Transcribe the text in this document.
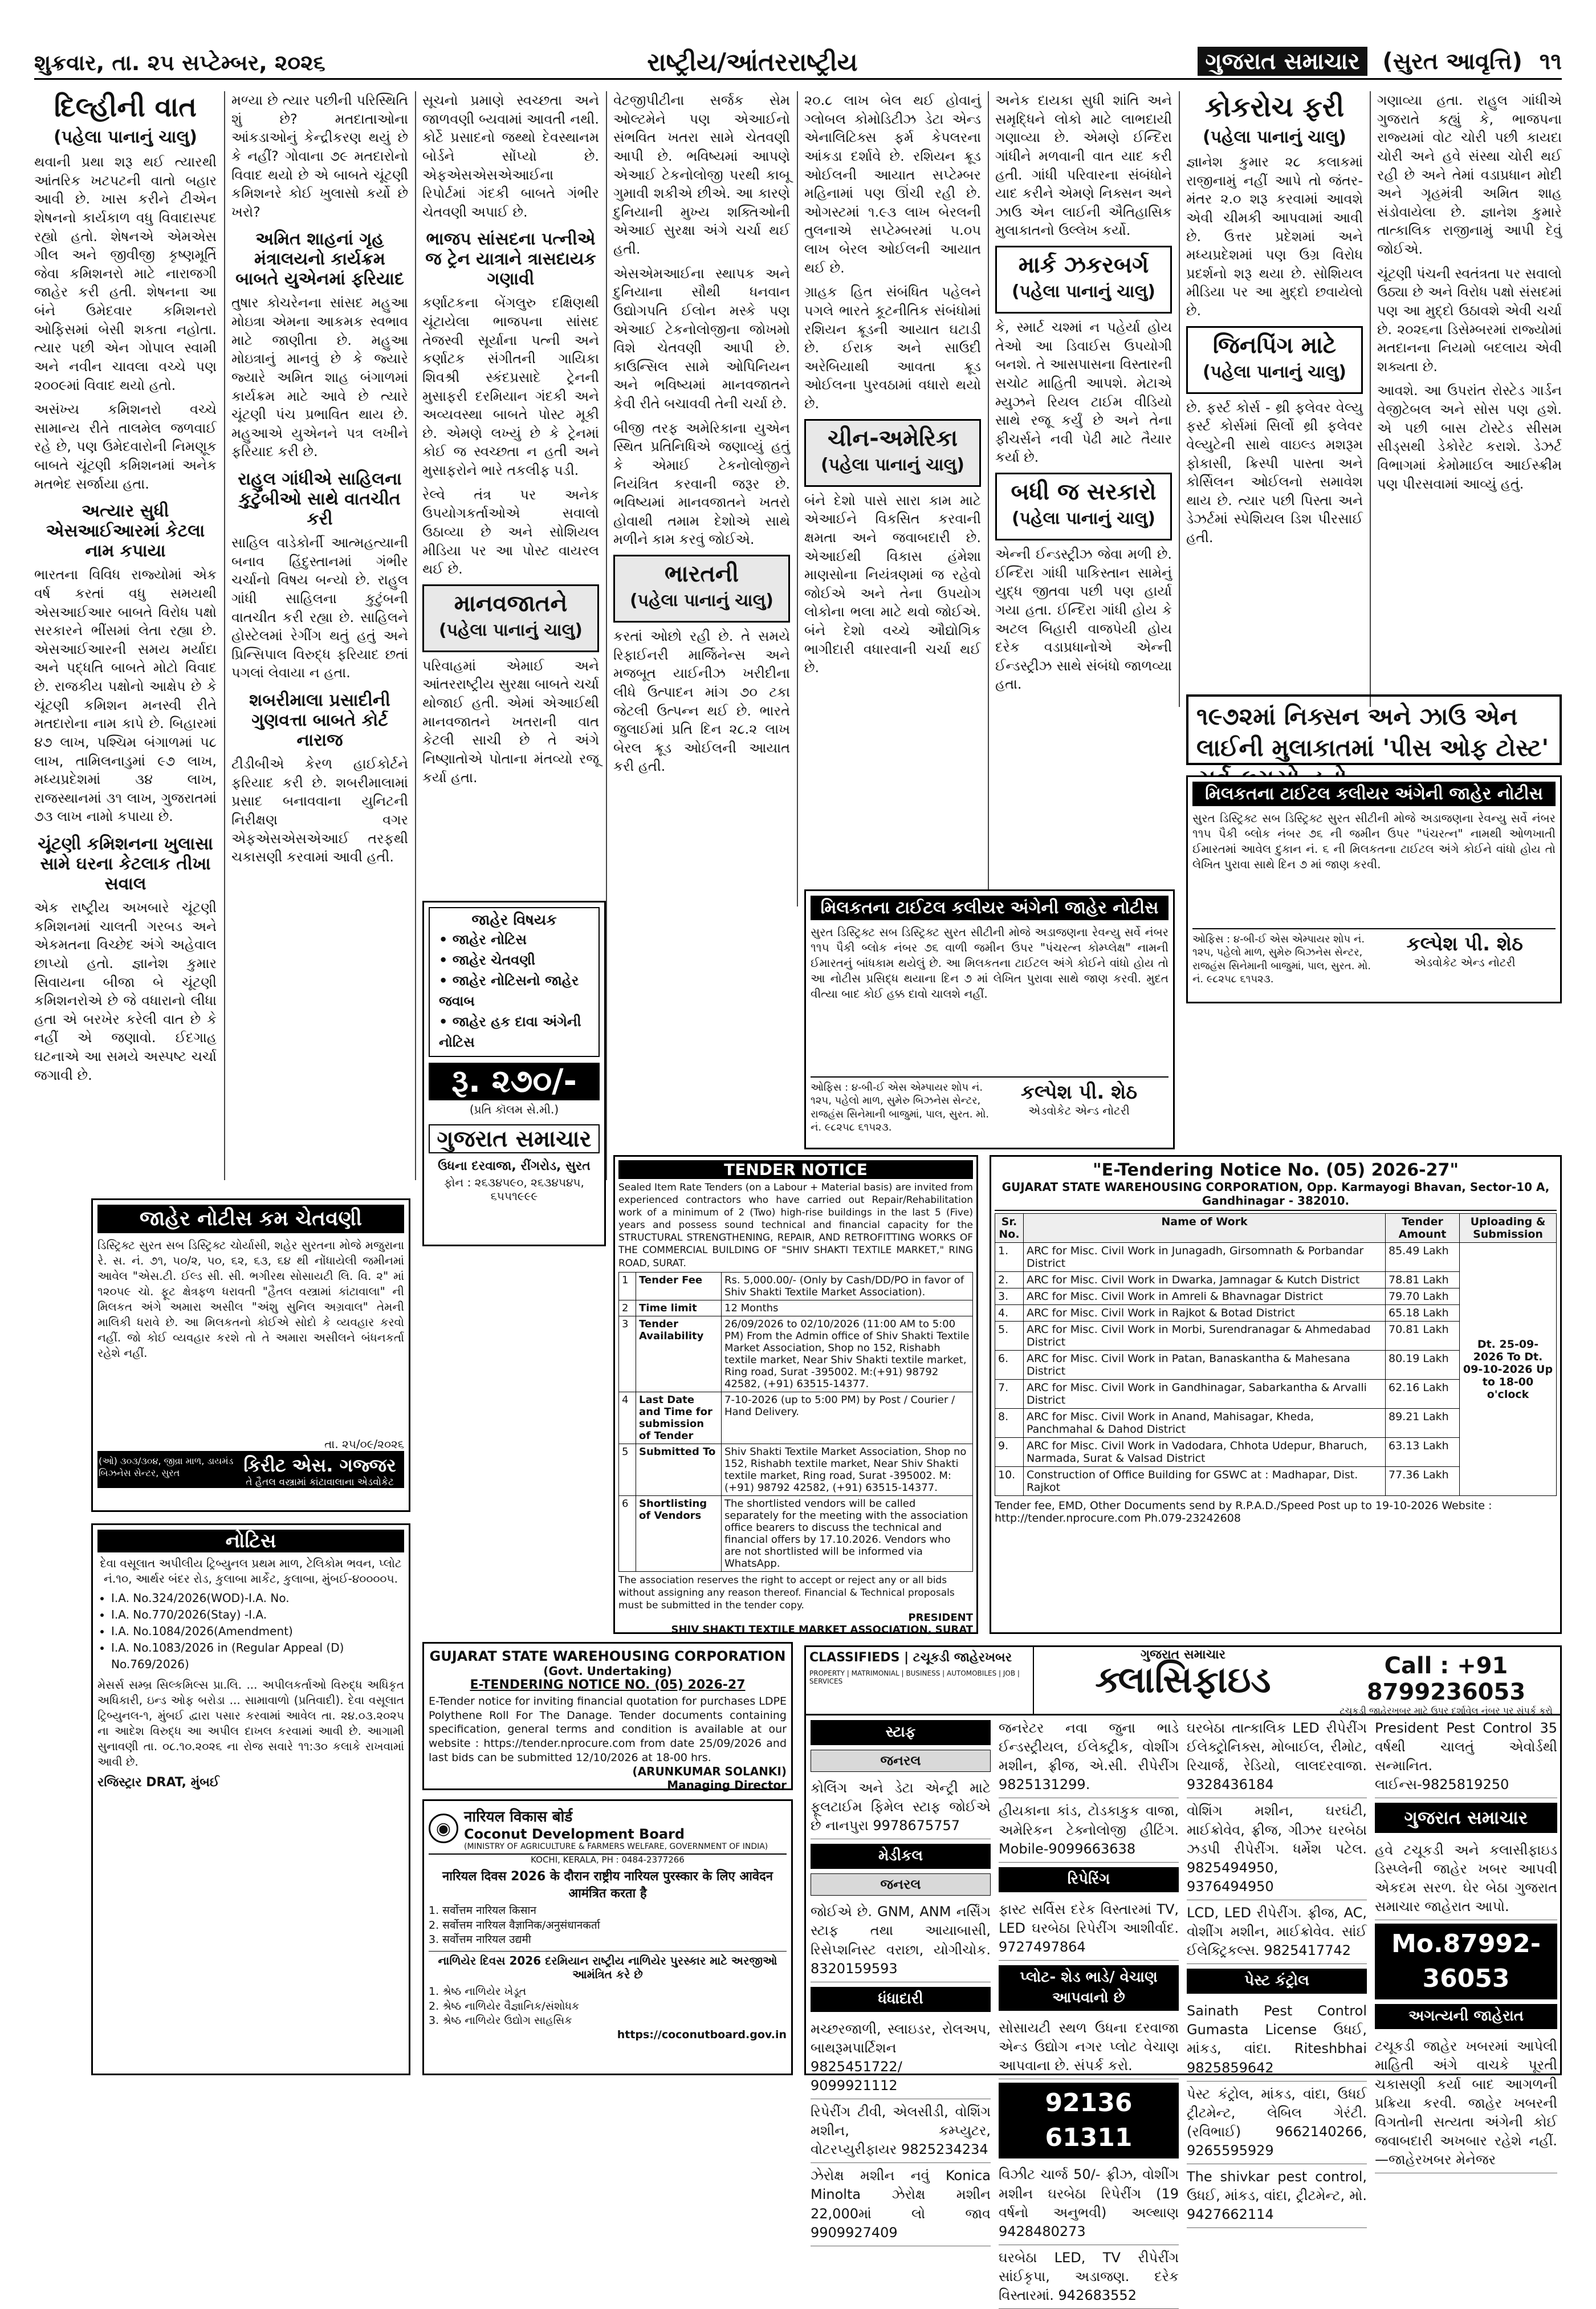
શુક્રવાર, તા. ૨૫ સપ્ટેમ્બર, ૨૦૨૬	રાષ્ટ્રીય/આંતરરાષ્ટ્રીય	ગુજરાત સમાચાર (સુરત આવૃત્તિ) ૧૧
દિલ્હીની વાત
(પહેલા પાનાનું ચાલુ)
થવાની પ્રથા શરૂ થઈ ત્યારથી આંતરિક ખટપટની વાતો બહાર આવી છે. ખાસ કરીને ટીએન શેષનનો કાર્યકાળ વધુ વિવાદાસ્પદ રહ્યો હતો. શેષનએ એમએસ ગીલ અને જીવીજી કૃષ્ણમૂર્તિ જેવા કમિશનરો માટે નારાજગી જાહેર કરી હતી. શેષનના આ બંને ઉમેદવાર કમિશનરો ઓફિસમાં બેસી શકતા નહોતા. ત્યાર પછી એન ગોપાલ સ્વામી અને નવીન ચાવલા વચ્ચે પણ ૨૦૦૯માં વિવાદ થયો હતો.
અસંખ્ય કમિશનરો વચ્ચે સામાન્ય રીતે તાલમેલ જળવાઈ રહે છે, પણ ઉમેદવારોની નિમણૂક બાબતે ચૂંટણી કમિશનમાં અનેક મતભેદ સર્જાયા હતા.
અત્યાર સુધી એસઆઈઆરમાં કેટલા નામ કપાયા
ભારતના વિવિધ રાજ્યોમાં એક વર્ષ કરતાં વધુ સમયથી એસઆઈઆર બાબતે વિરોધ પક્ષો સરકારને ભીંસમાં લેતા રહ્યા છે. એસઆઈઆરની સમય મર્યાદા અને પદ્ધતિ બાબતે મોટો વિવાદ છે. રાજકીય પક્ષોનો આક્ષેપ છે કે ચૂંટણી કમિશન મનસ્વી રીતે મતદારોના નામ કાપે છે. બિહારમાં ૪૭ લાખ, પશ્ચિમ બંગાળમાં ૫૮ લાખ, તામિલનાડુમાં ૯૭ લાખ, મધ્યપ્રદેશમાં ૩૪ લાખ, રાજસ્થાનમાં ૩૧ લાખ, ગુજરાતમાં ૭૩ લાખ નામો કપાયા છે.
ચૂંટણી કમિશનના ખુલાસા સામે ઘરના કેટલાક તીખા સવાલ
એક રાષ્ટ્રીય અખબારે ચૂંટણી કમિશનમાં ચાલતી ગરબડ અને એકમતના વિચ્છેદ અંગે અહેવાલ છાપ્યો હતો. જ્ઞાનેશ કુમાર સિવાયના બીજા બે ચૂંટણી કમિશનરોએ છે જે વધારાનો લીધા હતા એ બરખેર કરેલી વાત છે કે નહીં એ જણાવો. ઈદગાહ ઘટનાએ આ સમયે અસ્પષ્ટ ચર્ચા જગાવી છે.
મળ્યા છે ત્યાર પછીની પરિસ્થિતિ શું છે? મતદાતાઓના આંકડાઓનું કેન્દ્રીકરણ થયું છે કે નહીં? ગોવાના ૭૯ મતદારોનો વિવાદ થયો છે એ બાબતે ચૂંટણી કમિશનરે કોઈ ખુલાસો કર્યો છે ખરો?
અમિત શાહનાં ગૃહ મંત્રાલયનો કાર્યક્રમ બાબતે યુએનમાં ફરિયાદ
તુષાર કોચરેનના સાંસદ મહુઆ મોઇત્રા એમના આકમક સ્વભાવ માટે જાણીતા છે. મહુઆ મોઇત્રાનું માનવું છે કે જ્યારે જ્યારે અમિત શાહ બંગાળમાં કાર્યક્રમ માટે આવે છે ત્યારે ચૂંટણી પંચ પ્રભાવિત થાય છે. મહુઆએ યુએનને પત્ર લખીને ફરિયાદ કરી છે.
રાહુલ ગાંધીએ સાહિલના કુટુંબીઓ સાથે વાતચીત કરી
સાહિલ વાડેકોર્ની આત્મહત્યાની બનાવ હિંદુસ્તાનમાં ગંભીર ચર્ચાનો વિષય બન્યો છે. રાહુલ ગાંધી સાહિલના કુટુંબની વાતચીત કરી રહ્યા છે. સાહિલને હોસ્ટેલમાં રેગીંગ થતું હતું અને પ્રિન્સિપાલ વિરુદ્ધ ફરિયાદ છતાં પગલાં લેવાયા ન હતા.
શબરીમાલા પ્રસાદીની ગુણવત્તા બાબતે કોર્ટ નારાજ
ટીડીબીએ કેરળ હાઈકોર્ટને ફરિયાદ કરી છે. શબરીમાલામાં પ્રસાદ બનાવવાના યુનિટની નિરીક્ષણ વગર એફએસએસએઆઈ તરફથી ચકાસણી કરવામાં આવી હતી.
સૂચનો પ્રમાણે સ્વચ્છતા અને જાળવણી બ્યવામાં આવતી નથી. કોર્ટે પ્રસાદનો જથ્થો દેવસ્થાનમ બોર્ડને સોંપ્યો છે. એફએસએસએઆઈના રિપોર્ટમાં ગંદકી બાબતે ગંભીર ચેતવણી અપાઈ છે.
ભાજપ સાંસદના પત્નીએ જ ટ્રેન યાત્રાને ત્રાસદાયક ગણાવી
કર્ણાટકના બેંગલુરુ દક્ષિણથી ચૂંટાયેલા ભાજપના સાંસદ તેજસ્વી સૂર્યાના પત્ની અને કર્ણાટક સંગીતની ગાયિકા શિવશ્રી સ્કંદપ્રસાદે ટ્રેનની મુસાફરી દરમિયાન ગંદકી અને અવ્યવસ્થા બાબતે પોસ્ટ મૂકી છે. એમણે લખ્યું છે કે ટ્રેનમાં કોઈ જ સ્વચ્છતા ન હતી અને મુસાફરોને ભારે તકલીફ પડી.
રેલ્વે તંત્ર પર અનેક ઉપયોગકર્તાઓએ સવાલો ઉઠાવ્યા છે અને સોશિયલ મીડિયા પર આ પોસ્ટ વાયરલ થઈ છે.
માનવજાતને
(પહેલા પાનાનું ચાલુ)
પરિવાહમાં એમાઈ અને આંતરરાષ્ટ્રીય સુરક્ષા બાબતે ચર્ચા થોજાઈ હતી. એમાં એઆઈથી માનવજાતને ખતરાની વાત કેટલી સાચી છે તે અંગે નિષ્ણાતોએ પોતાના મંતવ્યો રજૂ કર્યા હતા.
વેટજીપીટીના સર્જક સેમ ઓલ્ટમેને પણ એઆઈનો સંભવિત ખતરા સામે ચેતવણી આપી છે. ભવિષ્યમાં આપણે એઆઈ ટેકનોલોજી પરથી કાબૂ ગુમાવી શકીએ છીએ. આ કારણે દુનિયાની મુખ્ય શક્તિઓની એઆઈ સુરક્ષા અંગે ચર્ચા થઈ હતી.
એસએમઆઈના સ્થાપક અને દુનિયાના સૌથી ધનવાન ઉદ્યોગપતિ ઈલોન મસ્કે પણ એઆઈ ટેકનોલોજીના જોખમો વિશે ચેતવણી આપી છે. કાઉન્સિલ સામે ઓપિનિયન અને ભવિષ્યમાં માનવજાતને કેવી રીતે બચાવવી તેની ચર્ચા છે.
બીજી તરફ અમેરિકાના યુએન સ્થિત પ્રતિનિધિએ જણાવ્યું હતું કે એમાઈ ટેકનોલોજીને નિયંત્રિત કરવાની જરૂર છે. ભવિષ્યમાં માનવજાતને ખતરો હોવાથી તમામ દેશોએ સાથે મળીને કામ કરવું જોઈએ.
ભારતની
(પહેલા પાનાનું ચાલુ)
કરતાં ઓછો રહી છે. તે સમયે રિફાઈનરી માર્જિનેન્સ અને મજબૂત યાઈનીઝ ખરીદીના લીધે ઉત્પાદન માંગ ૭૦ ટકા જેટલી ઉત્પન્ન થઈ છે. ભારતે જુલાઈમાં પ્રતિ દિન ૨૮.૨ લાખ બેરલ ક્રૂડ ઓઈલની આયાત કરી હતી.
૨૦.૮ લાખ બેલ થઈ હોવાનું ગ્લોબલ કોમોડિટીઝ ડેટા એન્ડ એનાલિટિક્સ ફર્મ કેપલરના આંકડા દર્શાવે છે. રશિયન ક્રૂડ ઓઈલની આયાત સપ્ટેમ્બર મહિનામાં પણ ઊંચી રહી છે. ઓગસ્ટમાં ૧.૯૩ લાખ બેરલની તુલનાએ સપ્ટેમ્બરમાં ૫.૦૫ લાખ બેરલ ઓઈલની આયાત થઈ છે.
ગ્રાહક હિત સંબંધિત પહેલને પગલે ભારતે કૂટનીતિક સંબંધોમાં રશિયન ક્રૂડની આયાત ઘટાડી છે. ઈરાક અને સાઉદી અરેબિયાથી આવતા ક્રૂડ ઓઈલના પુરવઠામાં વધારો થયો છે.
ચીન-અમેરિકા
(પહેલા પાનાનું ચાલુ)
બંને દેશો પાસે સારા કામ માટે એઆઈને વિકસિત કરવાની ક્ષમતા અને જવાબદારી છે. એઆઈથી વિકાસ હંમેશા માણસોના નિયંત્રણમાં જ રહેવો જોઈએ અને તેના ઉપયોગ લોકોના ભલા માટે થવો જોઈએ. બંને દેશો વચ્ચે ઔદ્યોગિક ભાગીદારી વધારવાની ચર્ચા થઈ છે.
અનેક દાયકા સુધી શાંતિ અને સમૃદ્ધિને લોકો માટે લાભદાયી ગણાવ્યા છે. એમણે ઈન્દિરા ગાંધીને મળવાની વાત યાદ કરી હતી. ગાંધી પરિવારના સંબંધોને યાદ કરીને એમણે નિક્સન અને ઝાઉ એન લાઈની ઐતિહાસિક મુલાકાતનો ઉલ્લેખ કર્યો.
માર્ક ઝકરબર્ગ
(પહેલા પાનાનું ચાલુ)
કે, સ્માર્ટ ચશ્માં ન પહેર્યા હોય તેઓ આ ડિવાઈસ ઉપયોગી બનશે. તે આસપાસના વિસ્તારની સચોટ માહિતી આપશે. મેટાએ મ્યુઝને રિયલ ટાઈમ વીડિયો સાથે રજૂ કર્યું છે અને તેના ફીચર્સને નવી પેઢી માટે તૈયાર કર્યા છે.
બધી જ સરકારો
(પહેલા પાનાનું ચાલુ)
એન્ની ઈન્ડસ્ટ્રીઝ જેવા મળી છે. ઈન્દિરા ગાંધી પાકિસ્તાન સામેનું યુદ્ધ જીતવા પછી પણ હાર્યા ગયા હતા. ઈન્દિરા ગાંધી હોય કે અટલ બિહારી વાજપેયી હોય દરેક વડાપ્રધાનોએ એન્ની ઈન્ડસ્ટ્રીઝ સાથે સંબંધો જાળવ્યા હતા.
કોકરોચ ફરી
(પહેલા પાનાનું ચાલુ)
જ્ઞાનેશ કુમાર ૨૮ કલાકમાં રાજીનામું નહીં આપે તો જંતર-મંતર ૨.૦ શરૂ કરવામાં આવશે એવી ચીમકી આપવામાં આવી છે. ઉત્તર પ્રદેશમાં અને મધ્યપ્રદેશમાં પણ ઉગ્ર વિરોધ પ્રદર્શનો શરૂ થયા છે. સોશિયલ મીડિયા પર આ મુદ્દો છવાયેલો છે.
જિનપિંગ માટે
(પહેલા પાનાનું ચાલુ)
છે. ફર્સ્ટ કોર્સ - થ્રી ફલેવર વેલ્યુ ફર્સ્ટ કોર્સમાં સિર્લો થ્રી ફલેવર વેલ્યુટેની સાથે વાઇલ્ડ મશરૂમ ફોકાસી, ક્રિસ્પી પાસ્તા અને કોર્સિલન ઓઈલનો સમાવેશ થાય છે. ત્યાર પછી પિસ્તા અને ડેઝર્ટમાં સ્પેશિયલ ડિશ પીરસાઈ હતી.
ગણાવ્યા હતા. રાહુલ ગાંધીએ ગુજરાતે કહ્યું કે, ભાજપના રાજ્યમાં વોટ ચોરી પછી કાયદા ચોરી અને હવે સંસ્થા ચોરી થઈ રહી છે અને તેમાં વડાપ્રધાન મોદી અને ગૃહમંત્રી અમિત શાહ સંડોવાયેલા છે. જ્ઞાનેશ કુમારે તાત્કાલિક રાજીનામું આપી દેવું જોઈએ.
ચૂંટણી પંચની સ્વતંત્રતા પર સવાલો ઉઠ્યા છે અને વિરોધ પક્ષો સંસદમાં પણ આ મુદ્દો ઉઠાવશે એવી ચર્ચા છે. ૨૦૨૬ના ડિસેમ્બરમાં રાજ્યોમાં મતદાનના નિયમો બદલાય એવી શક્યતા છે.
આવશે. આ ઉપરાંત રોસ્ટેડ ગાર્ડન વેજીટેબલ અને સોસ પણ હશે. એ પછી બાસ ટોસ્ટેડ સીસમ સીડ્સથી ડેકોરેટ કરાશે. ડેઝર્ટ વિભાગમાં કેમોમાઈલ આઈસ્ક્રીમ પણ પીરસવામાં આવ્યું હતું.
૧૯૭૨માં નિક્સન અને ઝાઉ એન લાઈની મુલાકાતમાં 'પીસ ઓફ ટોસ્ટ'
મિલકતના ટાઈટલ કલીયર અંગેની જાહેર નોટીસ
સુરત ડિસ્ટ્રિક્ટ સબ ડિસ્ટ્રિક્ટ સુરત સીટીની મોજે અડાજણના રેવન્યુ સર્વે નંબર ૧૧૫ પૈકી બ્લોક નંબર ૭૬ વાળી જમીન ઉપર "પંચરત્ન કોમ્પ્લેક્ષ" નામની ઈમારતનું બાંધકામ થયેલું છે. આ મિલકતના ટાઈટલ અંગે કોઈને વાંધો હોય તો આ નોટીસ પ્રસિદ્ધ થયાના દિન ૭ માં લેખિત પુરાવા સાથે જાણ કરવી. મુદત વીત્યા બાદ કોઈ હક્ક દાવો ચાલશે નહીં.
ઓફિસ : ૪-બી-ઈ એસ એમ્પાયર શોપ નં. ૧૨૫, પહેલો માળ, સુમેરુ બિઝનેસ સેન્ટર, રાજહંસ સિનેમાની બાજુમાં, પાલ, સુરત. મો. નં. ૯૮૨૫૮ ૬૧૫૨૩.
કલ્પેશ પી. શેઠ
એડવોકેટ એન્ડ નોટરી
મિલકતના ટાઈટલ કલીયર અંગેની જાહેર નોટીસ
સુરત ડિસ્ટ્રિક્ટ સબ ડિસ્ટ્રિક્ટ સુરત સીટીની મોજે અડાજણના રેવન્યુ સર્વે નંબર ૧૧૫ પૈકી બ્લોક નંબર ૭૬ ની જમીન ઉપર "પંચરત્ન" નામથી ઓળખાતી ઈમારતમાં આવેલ દુકાન નં. ૬ ની મિલકતના ટાઈટલ અંગે કોઈને વાંધો હોય તો લેખિત પુરાવા સાથે દિન ૭ માં જાણ કરવી.
ઓફિસ : ૪-બી-ઈ એસ એમ્પાયર શોપ નં. ૧૨૫, પહેલો માળ, સુમેરુ બિઝનેસ સેન્ટર, રાજહંસ સિનેમાની બાજુમાં, પાલ, સુરત. મો. નં. ૯૮૨૫૮ ૬૧૫૨૩.
કલ્પેશ પી. શેઠ
એડવોકેટ એન્ડ નોટરી
જાહેર વિષયક
• જાહેર નોટિસ
• જાહેર ચેતવણી
• જાહેર નોટિસનો જાહેર જવાબ
• જાહેર હક દાવા અંગેની નોટિસ
રૂ. ૨૭૦/-
(પ્રતિ કૉલમ સે.મી.)
ગુજરાત સમાચાર
ઉધના દરવાજા, રીંગરોડ, સુરત
ફોન : ૨૬૩૪૫૯૦, ૨૬૩૪૫૪૫, ૬૫૫૧૯૯૯
TENDER NOTICE
Sealed Item Rate Tenders (on a Labour + Material basis) are invited from experienced contractors who have carried out Repair/Rehabilitation work of a minimum of 2 (Two) high-rise buildings in the last 5 (Five) years and possess sound technical and financial capacity for the STRUCTURAL STRENGTHENING, REPAIR, AND RETROFITTING WORKS OF THE COMMERCIAL BUILDING OF "SHIV SHAKTI TEXTILE MARKET," RING ROAD, SURAT.
1	Tender Fee	Rs. 5,000.00/- (Only by Cash/DD/PO in favor of Shiv Shakti Textile Market Association).
2	Time limit	12 Months
3	Tender Availability	26/09/2026 to 02/10/2026 (11:00 AM to 5:00 PM) From the Admin office of Shiv Shakti Textile Market Association, Shop no 152, Rishabh textile market, Near Shiv Shakti textile market, Ring road, Surat -395002. M:(+91) 98792 42582, (+91) 63515-14377.
4	Last Date and Time for submission of Tender	7-10-2026 (up to 5:00 PM) by Post / Courier / Hand Delivery.
5	Submitted To	Shiv Shakti Textile Market Association, Shop no 152, Rishabh textile market, Near Shiv Shakti textile market, Ring road, Surat -395002. M:(+91) 98792 42582, (+91) 63515-14377.
6	Shortlisting of Vendors	The shortlisted vendors will be called separately for the meeting with the association office bearers to discuss the technical and financial offers by 17.10.2026. Vendors who are not shortlisted will be informed via WhatsApp.
The association reserves the right to accept or reject any or all bids without assigning any reason thereof. Financial & Technical proposals must be submitted in the tender copy.
PRESIDENT
SHIV SHAKTI TEXTILE MARKET ASSOCIATION, SURAT
"E-Tendering Notice No. (05) 2026-27"
GUJARAT STATE WAREHOUSING CORPORATION, Opp. Karmayogi Bhavan, Sector-10 A, Gandhinagar - 382010.
Sr. No.	Name of Work	Tender Amount	Uploading & Submission
1.	ARC for Misc. Civil Work in Junagadh, Girsomnath & Porbandar District	85.49 Lakh	Dt. 25-09-2026 To Dt. 09-10-2026 Up to 18-00 o'clock
2.	ARC for Misc. Civil Work in Dwarka, Jamnagar & Kutch District	78.81 Lakh	
3.	ARC for Misc. Civil Work in Amreli & Bhavnagar District	79.70 Lakh	
4.	ARC for Misc. Civil Work in Rajkot & Botad District	65.18 Lakh	
5.	ARC for Misc. Civil Work in Morbi, Surendranagar & Ahmedabad District	70.81 Lakh	
6.	ARC for Misc. Civil Work in Patan, Banaskantha & Mahesana District	80.19 Lakh	
7.	ARC for Misc. Civil Work in Gandhinagar, Sabarkantha & Arvalli District	62.16 Lakh	
8.	ARC for Misc. Civil Work in Anand, Mahisagar, Kheda, Panchmahal & Dahod District	89.21 Lakh	
9.	ARC for Misc. Civil Work in Vadodara, Chhota Udepur, Bharuch, Narmada, Surat & Valsad District	63.13 Lakh	
10.	Construction of Office Building for GSWC at : Madhapar, Dist. Rajkot	77.36 Lakh	
Tender fee, EMD, Other Documents send by R.P.A.D./Speed Post up to 19-10-2026 Website : http://tender.nprocure.com Ph.079-23242608
જાહેર નોટીસ કમ ચેતવણી
ડિસ્ટ્રિક્ટ સુરત સબ ડિસ્ટ્રિક્ટ ચોર્યાસી, શહેર સુરતના મોજે મજુરાના રે. સ. નં. ૭૧, ૫૦/૨, ૫૦, ૬૨, ૬૩, ૬૪ થી નોંધાયેલી જમીનમાં આવેલ "એસ.ટી. ઈલ્ડ સી. સી. ભગીરથ સોસાયટી લિ. વિ. ૨" માં ૧૨૦૫૯ ચો. ફૂટ ક્ષેત્રફળ ધરાવતી "હૈતલ વસ્ત્રામાં કાંટાવાલા" ની મિલકત અંગે અમારા અસીલ "અંશુ સુનિલ અગ્રવાલ" તેમની માલિકી ધરાવે છે. આ મિલકતનો કોઈએ સોદો કે વ્યવહાર કરવો નહીં. જો કોઈ વ્યવહાર કરશે તો તે અમારા અસીલને બંધનકર્તા રહેશે નહીં.
તા. ૨૫/૦૯/૨૦૨૬
(ઓ) ૩૦૩/૩૦૪, જીવ્રા માળ, ડાયમંડ બિઝનેસ સેન્ટર, સુરત	કિરીટ એસ. ગજ્જર
તે હૈતલ વસ્ત્રામાં કાંટાવાલાના એડવોકેટ
નોટિસ
દેવા વસૂલાત અપીલીય ટ્રિબ્યુનલ પ્રથમ માળ, ટેલિકોમ ભવન, પ્લોટ નં.૧૦, આર્થર બંદર રોડ, કુલાબા માર્કેટ, કુલાબા, મુંબઈ-૪૦૦૦૦૫.
• I.A. No.324/2026(WOD)-I.A. No.
• I.A. No.770/2026(Stay) -I.A.
• I.A. No.1084/2026(Amendment)
• I.A. No.1083/2026 in (Regular Appeal (D) No.769/2026)
મેસર્સ સમ્બ્ર સિલ્કમિલ્સ પ્રા.લિ. ... અપીલકર્તાઓ વિરુદ્ધ અધિકૃત અધિકારી, ઇન્ડ ઓફ બરોડા ... સામાવાળો (પ્રતિવાદી). દેવા વસૂલાત ટ્રિબ્યુનલ-૧, મુંબઈ દ્વારા પસાર કરવામાં આવેલ તા. ૨૪.૦૩.૨૦૨૫ ના આદેશ વિરુદ્ધ આ અપીલ દાખલ કરવામાં આવી છે. આગામી સુનાવણી તા. ૦૮.૧૦.૨૦૨૬ ના રોજ સવારે ૧૧:૩૦ કલાકે રાખવામાં આવી છે.
રજિસ્ટ્રાર DRAT, મુંબઈ
GUJARAT STATE WAREHOUSING CORPORATION
(Govt. Undertaking)
E-TENDERING NOTICE NO. (05) 2026-27
E-Tender notice for inviting financial quotation for purchases LDPE Polythene Roll For The Danage. Tender documents containing specification, general terms and condition is available at our website : https://tender.nprocure.com from date 25/09/2026 and last bids can be submitted 12/10/2026 at 18-00 hrs.
(ARUNKUMAR SOLANKI)
Managing Director
◉
नारियल विकास बोर्ड
Coconut Development Board
(MINISTRY OF AGRICULTURE & FARMERS WELFARE, GOVERNMENT OF INDIA)
KOCHI, KERALA, PH : 0484-2377266
नारियल दिवस 2026 के दौरान राष्ट्रीय नारियल पुरस्कार के लिए आवेदन आमंत्रित करता है
1. सर्वोत्तम नारियल किसान
2. सर्वोत्तम नारियल वैज्ञानिक/अनुसंधानकर्ता
3. सर्वोत्तम नारियल उद्यमी
નાળિયેર દિવસ 2026 દરમિયાન રાષ્ટ્રીય નાળિયેર પુરસ્કાર માટે અરજીઓ આમંત્રિત કરે છે
1. શ્રેષ્ઠ નાળિયેર ખેડૂત
2. શ્રેષ્ઠ નાળિયેર વૈજ્ઞાનિક/સંશોધક
3. શ્રેષ્ઠ નાળિયેર ઉદ્યોગ સાહસિક
https://coconutboard.gov.in
CLASSIFIEDS | ટચૂકડી જાહેરખબર
PROPERTY | MATRIMONIAL | BUSINESS | AUTOMOBILES | JOB | SERVICES
ગુજરાત સમાચાર
ક્લાસિફાઇડ	Call : +91 8799236053
ટચૂકડી જાહેરખબર માટે ઉપર દર્શાવેલ નંબર પર સંપર્ક કરો
સ્ટાફ
જનરલ
કોલિંગ અને ડેટા એન્ટ્રી માટે ફૂલટાઈમ ફિમેલ સ્ટાફ જોઈએ છે નાનપુરા 9978675757
મેડીકલ
જનરલ
જોઈએ છે. GNM, ANM નર્સિંગ સ્ટાફ તથા આયાબાસી, રિસેપ્શનિસ્ટ વરાછા, યોગીચોક. 8320159593
ધંધાદારી
મચ્છરજાળી, સ્લાઇડર, રોલઅપ, બાથરૂમપાર્ટિશન 9825451722/ 9099921112
રિપેરીંગ ટીવી, એલસીડી, વોશિંગ મશીન, કમ્પ્યુટર, વોટરપ્યુરીફાયર 9825234234
ઝેરોક્ષ મશીન નવું Konica Minolta ઝેરોક્ષ મશીન 22,000માં લો જાવ 9909927409
જનરેટર નવા જુના ભાડે ઈન્ડસ્ટ્રીયલ, ઈલેક્ટ્રીક, વોશીંગ મશીન, ફ્રીજ, એ.સી. રીપેરીંગ 9825131299.
હીયકાના કાંડ, ટોડકાકુક વાજા, અમેરિકન ટેક્નોલોજી હીટિંગ. Mobile-9099663638
રિપેરિંગ
ફાસ્ટ સર્વિસ દરેક વિસ્તારમાં TV, LED ઘરબેઠા રિપેરીંગ આશીર્વાદ. 9727497864
પ્લોટ- શેડ ભાડે/ વેચાણ આપવાનો છે
સોસાયટી સ્થળ ઉધના દરવાજા એન્ડ ઉદ્યોગ નગર પ્લોટ વેચાણ આપવાના છે. સંપર્ક કરો.
92136 61311
વિઝીટ ચાર્જ 50/- ફ્રીઝ, વોશીંગ મશીન ઘરબેઠા રિપેરીંગ (19 વર્ષનો અનુભવી) અલ્થાણ 9428480273
ઘરબેઠા LED, TV રીપેરીંગ સાંઈકૃપા, અડાજણ. દરેક વિસ્તારમાં. 942683552
ઘરબેઠા તાત્કાલિક LED રીપેરીંગ ઈલેક્ટ્રોનિક્સ, મોબાઈલ, રીમોટ, રિચાર્જ, રેડિયો, લાલદરવાજા. 9328436184
વોશિંગ મશીન, ઘરઘંટી, માઈક્રોવેવ, ફ્રીજ, ગીઝર ઘરબેઠા ઝડપી રીપેરીંગ. ધર્મેશ પટેલ. 9825494950, 9376494950
LCD, LED રીપેરીંગ. ફ્રીજ, AC, વોશીંગ મશીન, માઈક્રોવેવ. સાંઈ ઈલેક્ટ્રિકલ્સ. 9825417742
પેસ્ટ કંટ્રોલ
Sainath Pest Control Gumasta License ઉધઈ, માંકડ, વાંદા. Riteshbhai 9825859642
પેસ્ટ કંટ્રોલ, માંકડ, વાંદા, ઉધઈ ટ્રીટમેન્ટ, લેબિલ ગેરંટી. (રવિભાઈ) 9662140266, 9265595929
The shivkar pest control, ઉધઈ, માંકડ, વાંદા, ટ્રીટમેન્ટ, મો. 9427662114
President Pest Control 35 વર્ષથી ચાલતું એવોર્ડથી સન્માનિત. લાઈન્સ-9825819250
ગુજરાત સમાચાર
હવે ટચૂકડી અને કલાસીફાઇડ ડિસ્પ્લેની જાહેર ખબર આપવી એકદમ સરળ. ઘેર બેઠા ગુજરાત સમાચાર જાહેરાત આપો.
Mo.87992-36053
અગત્યની જાહેરાત
ટચૂકડી જાહેર ખબરમાં આપેલી માહિતી અંગે વાચકે પૂરતી ચકાસણી કર્યા બાદ આગળની પ્રક્રિયા કરવી. જાહેર ખબરની વિગતોની સત્યતા અંગેની કોઈ જવાબદારી અખબાર રહેશે નહીં. —જાહેરખબર મેનેજર
